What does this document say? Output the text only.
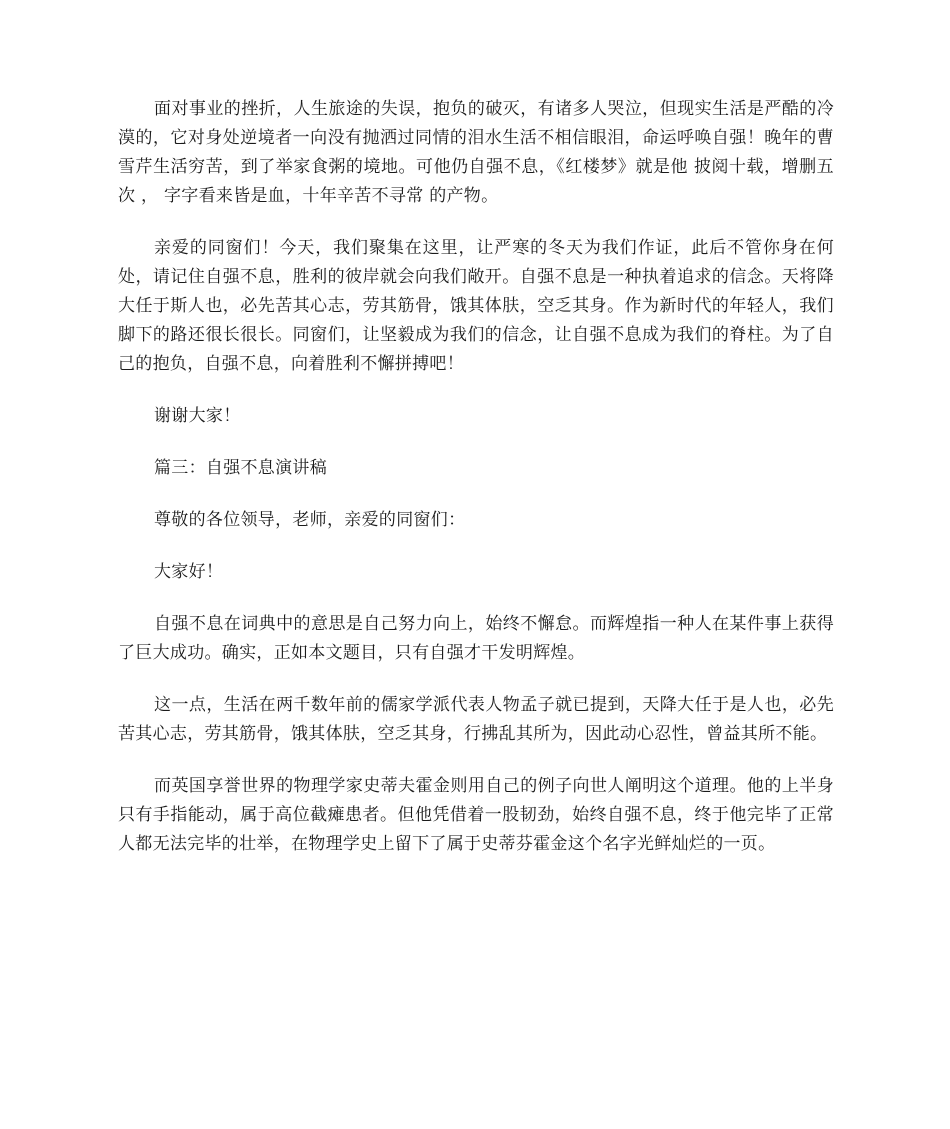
面对事业的挫折，人生旅途的失误，抱负的破灭，有诸多人哭泣，但现实生活是严酷的冷漠的，它对身处逆境者一向没有抛洒过同情的泪水生活不相信眼泪，命运呼唤自强！晚年的曹雪芹生活穷苦，到了举家食粥的境地。可他仍自强不息，《红楼梦》就是他 披阅十载，增删五次 ， 字字看来皆是血，十年辛苦不寻常 的产物。

亲爱的同窗们！今天，我们聚集在这里，让严寒的冬天为我们作证，此后不管你身在何处，请记住自强不息，胜利的彼岸就会向我们敞开。自强不息是一种执着追求的信念。天将降大任于斯人也，必先苦其心志，劳其筋骨，饿其体肤，空乏其身。作为新时代的年轻人，我们脚下的路还很长很长。同窗们，让坚毅成为我们的信念，让自强不息成为我们的脊柱。为了自己的抱负，自强不息，向着胜利不懈拼搏吧！

谢谢大家！

篇三：自强不息演讲稿

尊敬的各位领导，老师，亲爱的同窗们：

大家好！

自强不息在词典中的意思是自己努力向上，始终不懈怠。而辉煌指一种人在某件事上获得了巨大成功。确实，正如本文题目，只有自强才干发明辉煌。

这一点，生活在两千数年前的儒家学派代表人物孟子就已提到，天降大任于是人也，必先苦其心志，劳其筋骨，饿其体肤，空乏其身，行拂乱其所为，因此动心忍性，曾益其所不能。

而英国享誉世界的物理学家史蒂夫霍金则用自己的例子向世人阐明这个道理。他的上半身只有手指能动，属于高位截瘫患者。但他凭借着一股韧劲，始终自强不息，终于他完毕了正常人都无法完毕的壮举，在物理学史上留下了属于史蒂芬霍金这个名字光鲜灿烂的一页。
